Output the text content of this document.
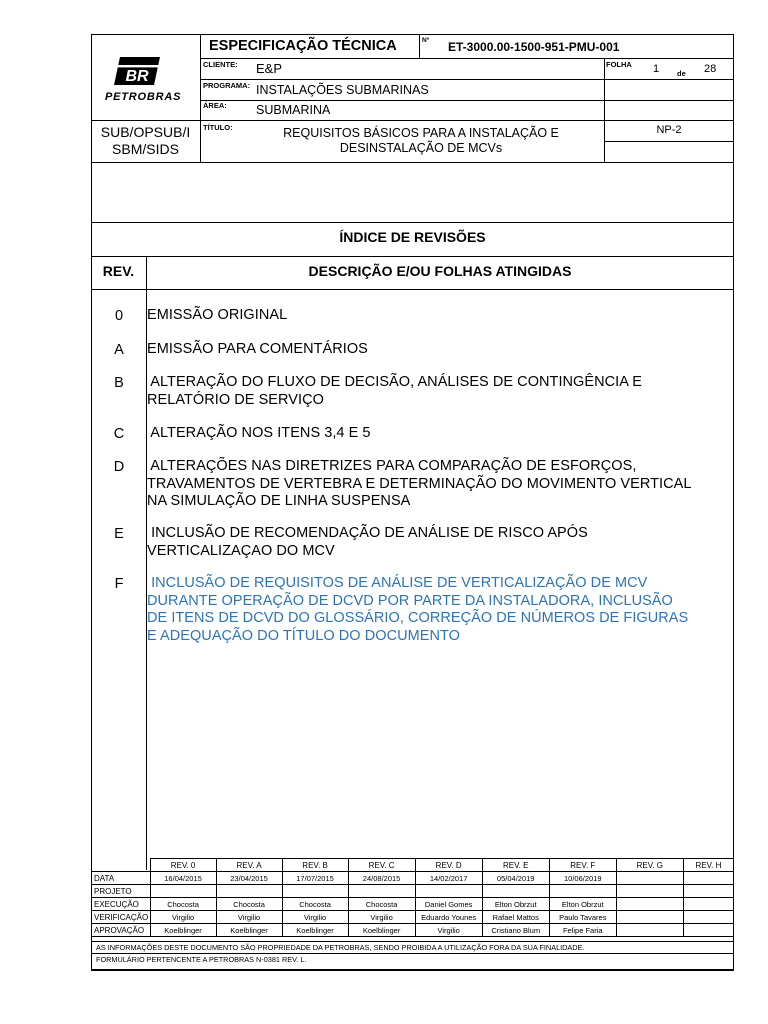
BR
PETROBRAS
ESPECIFICAÇÃO TÉCNICA	Nº ET-3000.00-1500-951-PMU-001
CLIENTE: E&P	FOLHA 1 de 28
PROGRAMA: INSTALAÇÕES SUBMARINAS
ÁREA: SUBMARINA
SUB/OPSUB/I
SBM/SIDS
TÍTULO:	REQUISITOS BÁSICOS PARA A INSTALAÇÃO E
DESINSTALAÇÃO DE MCVs
NP-2
ÍNDICE DE REVISÕES
REV.	DESCRIÇÃO E/OU FOLHAS ATINGIDAS
0 EMISSÃO ORIGINAL
A EMISSÃO PARA COMENTÁRIOS
B ALTERAÇÃO DO FLUXO DE DECISÃO, ANÁLISES DE CONTINGÊNCIA E
RELATÓRIO DE SERVIÇO
C ALTERAÇÃO NOS ITENS 3,4 E 5
D ALTERAÇÕES NAS DIRETRIZES PARA COMPARAÇÃO DE ESFORÇOS,
TRAVAMENTOS DE VERTEBRA E DETERMINAÇÃO DO MOVIMENTO VERTICAL
NA SIMULAÇÃO DE LINHA SUSPENSA
E INCLUSÃO DE RECOMENDAÇÃO DE ANÁLISE DE RISCO APÓS
VERTICALIZAÇAO DO MCV
F INCLUSÃO DE REQUISITOS DE ANÁLISE DE VERTICALIZAÇÃO DE MCV
DURANTE OPERAÇÃO DE DCVD POR PARTE DA INSTALADORA, INCLUSÃO
DE ITENS DE DCVD DO GLOSSÁRIO, CORREÇÃO DE NÚMEROS DE FIGURAS
E ADEQUAÇÃO DO TÍTULO DO DOCUMENTO
	REV. 0	REV. A	REV. B	REV. C	REV. D	REV. E	REV. F	REV. G	REV. H
DATA	16/04/2015	23/04/2015	17/07/2015	24/08/2015	14/02/2017	05/04/2019	10/06/2019		
PROJETO									
EXECUÇÃO	Chocosta	Chocosta	Chocosta	Chocosta	Daniel Gomes	Elton Obrzut	Elton Obrzut		
VERIFICAÇÃO	Virgilio	Virgilio	Virgilio	Virgilio	Eduardo Younes	Rafael Mattos	Paulo Tavares		
APROVAÇÃO	Koelblinger	Koelblinger	Koelblinger	Koelblinger	Virgilio	Cristiano Blum	Felipe Faria		
AS INFORMAÇÕES DESTE DOCUMENTO SÃO PROPRIEDADE DA PETROBRAS, SENDO PROIBIDA A UTILIZAÇÃO FORA DA SUA FINALIDADE.
FORMULÁRIO PERTENCENTE A PETROBRAS N-0381 REV. L.
